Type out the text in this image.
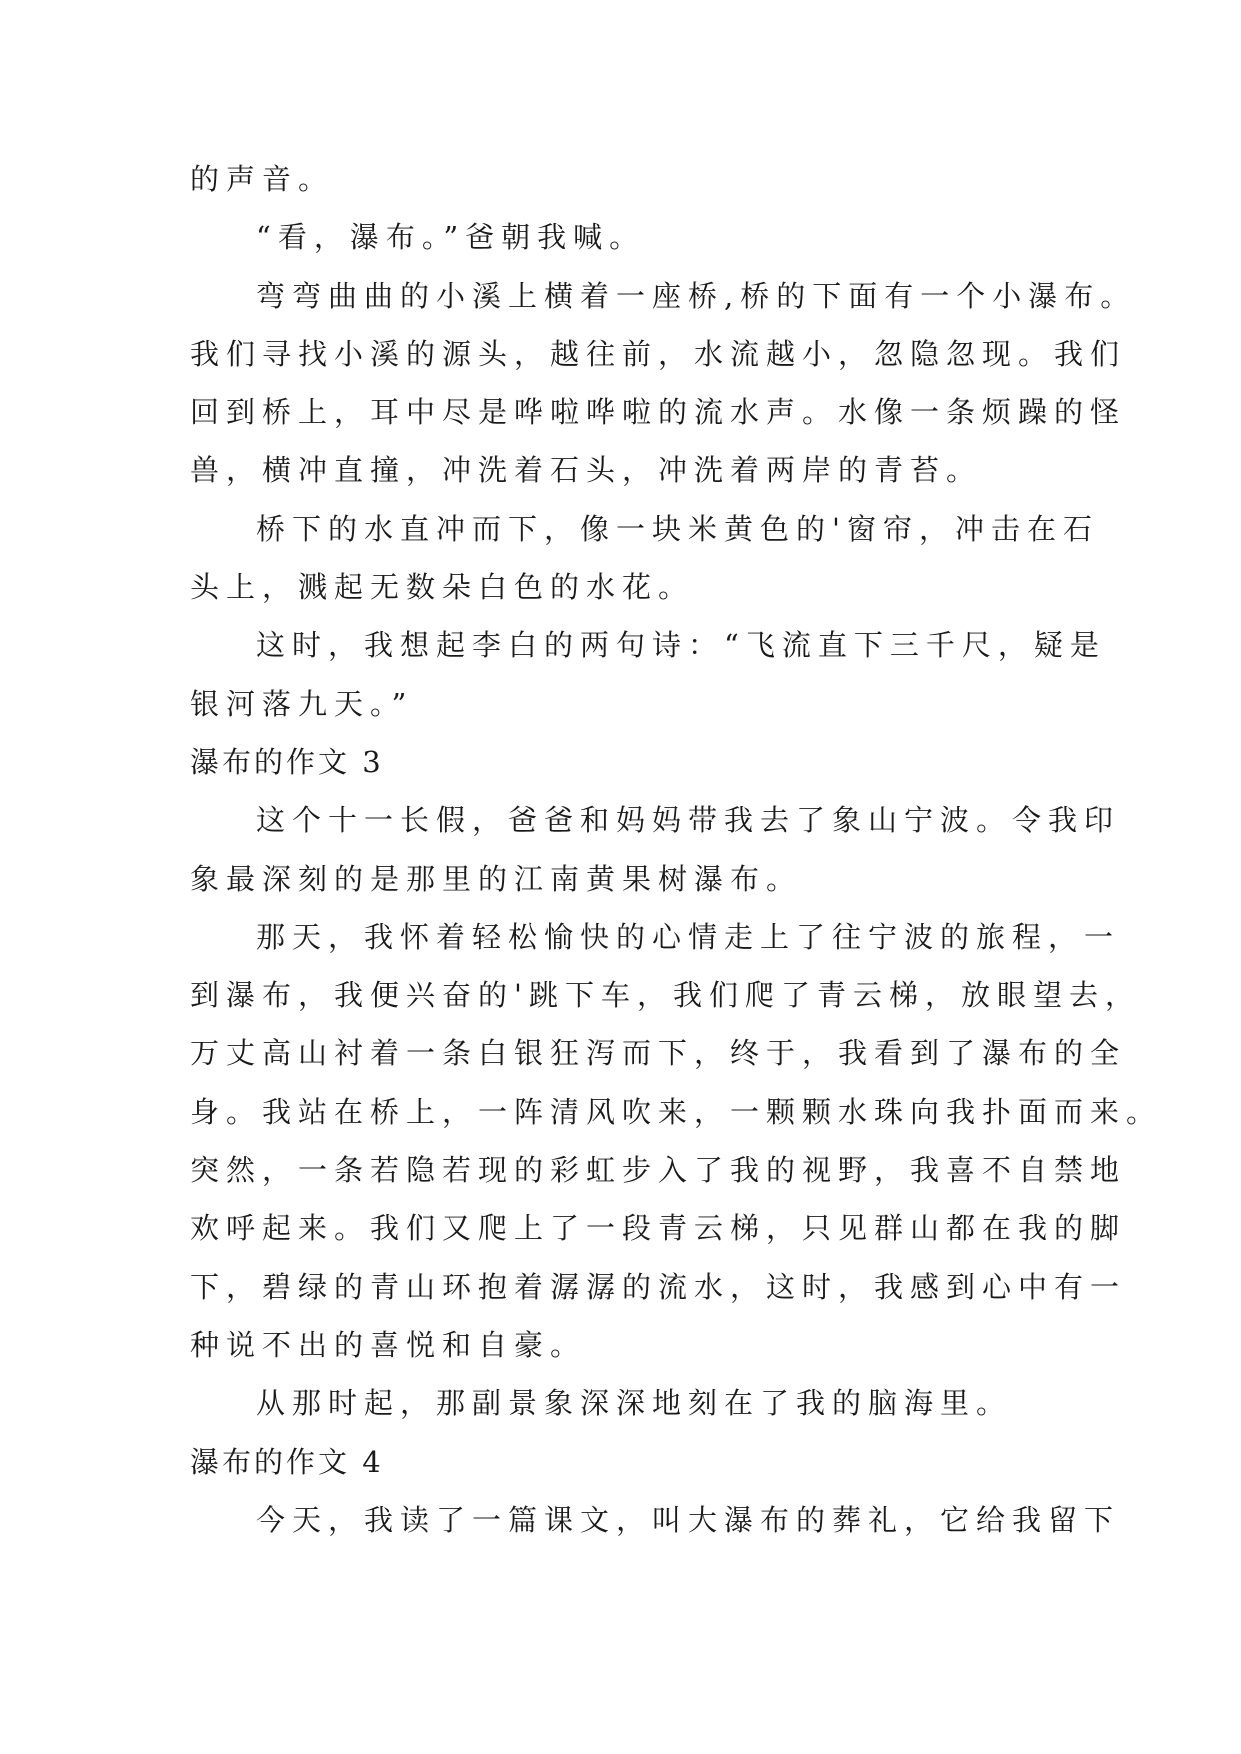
的声音。
“看，瀑布。”爸朝我喊。
弯弯曲曲的小溪上横着一座桥,桥的下面有一个小瀑布。
我们寻找小溪的源头，越往前，水流越小，忽隐忽现。我们
回到桥上，耳中尽是哗啦哗啦的流水声。水像一条烦躁的怪
兽，横冲直撞，冲洗着石头，冲洗着两岸的青苔。
桥下的水直冲而下，像一块米黄色的'窗帘，冲击在石
头上，溅起无数朵白色的水花。
这时，我想起李白的两句诗：“飞流直下三千尺，疑是
银河落九天。”
瀑布的作文 3
这个十一长假，爸爸和妈妈带我去了象山宁波。令我印
象最深刻的是那里的江南黄果树瀑布。
那天，我怀着轻松愉快的心情走上了往宁波的旅程，一
到瀑布，我便兴奋的'跳下车，我们爬了青云梯，放眼望去，
万丈高山衬着一条白银狂泻而下，终于，我看到了瀑布的全
身。我站在桥上，一阵清风吹来，一颗颗水珠向我扑面而来。
突然，一条若隐若现的彩虹步入了我的视野，我喜不自禁地
欢呼起来。我们又爬上了一段青云梯，只见群山都在我的脚
下，碧绿的青山环抱着潺潺的流水，这时，我感到心中有一
种说不出的喜悦和自豪。
从那时起，那副景象深深地刻在了我的脑海里。
瀑布的作文 4
今天，我读了一篇课文，叫大瀑布的葬礼，它给我留下
